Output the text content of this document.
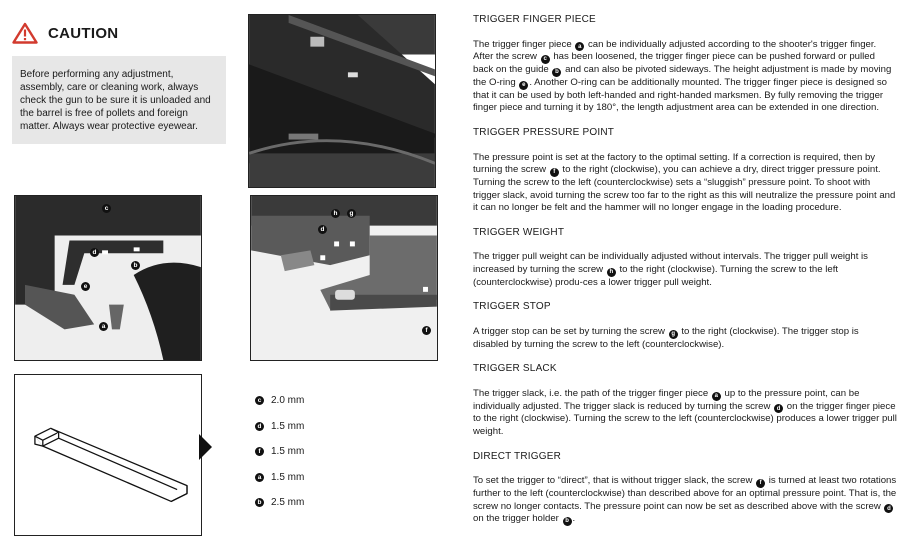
CAUTION
Before performing any adjustment, assembly, care or cleaning work, always check the gun to be sure it is unloaded and the barrel is free of pollets and foreign matter. Always wear protective eyewear.
c
d
b
e
a
h	g
d
f
c 2.0 mm
d 1.5 mm
f	1.5 mm
a 1.5 mm
b 2.5 mm
TRIGGER FINGER PIECE

The trigger finger piece a can be individually adjusted according to the shooter's trigger finger. After the screw c has been loosened, the trigger finger piece can be pushed forward or pulled back on the guide b and can also be pivoted sideways. The height adjustment is made by moving the O-ring e . Another O-ring can be additionally mounted. The trigger finger piece is designed so that it can be used by both left-handed and right-handed marksmen. By fully removing the trigger finger piece and turning it by 180°, the length adjustment area can be extended in one direction.

TRIGGER PRESSURE POINT

The pressure point is set at the factory to the optimal setting. If a correction is required, then by turning the screw f to the right (clockwise), you can achieve a dry, direct trigger pressure point. Turning the screw to the left (counterclockwise) sets a “sluggish” pressure point. To shoot with trigger slack, avoid turning the screw too far to the right as this will neutralize the pressure point and it can no longer be felt and the hammer will no longer engage in the loading procedure.

TRIGGER WEIGHT

The trigger pull weight can be individually adjusted without intervals. The trigger pull weight is increased by turning the screw h to the right (clockwise). Turning the screw to the left (counterclockwise) produ-ces a lower trigger pull weight.

TRIGGER STOP

A trigger stop can be set by turning the screw g to the right (clockwise). The trigger stop is disabled by turning the screw to the left (counterclockwise).

TRIGGER SLACK

The trigger slack, i.e. the path of the trigger finger piece a up to the pressure point, can be individually adjusted. The trigger slack is reduced by turning the screw d on the trigger finger piece to the right (clockwise). Turning the screw to the left (counterclockwise) produces a lower trigger pull weight.

DIRECT TRIGGER

To set the trigger to “direct”, that is without trigger slack, the screw f is turned at least two rotations further to the left (counterclockwise) than described above for an optimal pressure point. That is, the screw no longer contacts. The pressure point can now be set as described above with the screw d on the trigger holder b .
